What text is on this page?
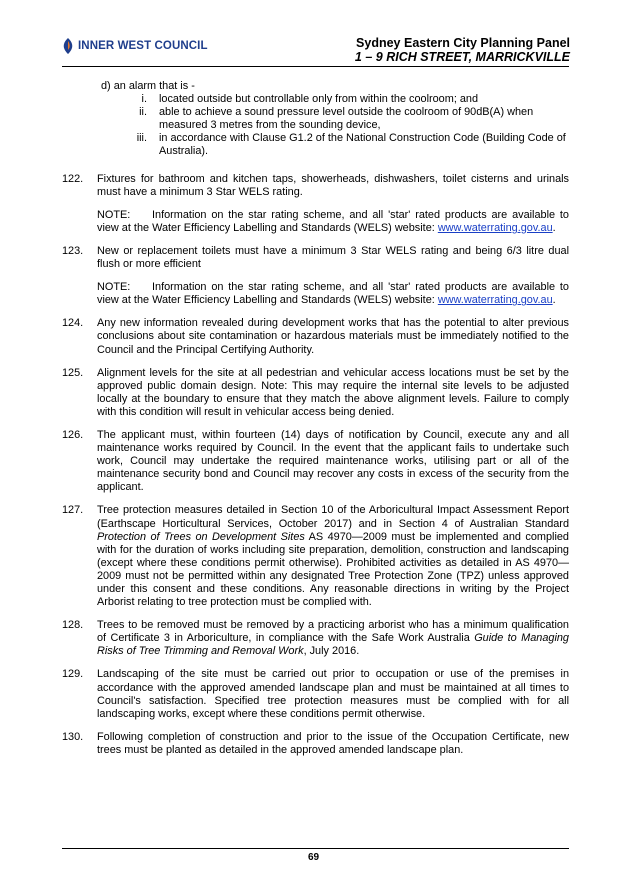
INNER WEST COUNCIL	Sydney Eastern City Planning Panel
1 – 9 RICH STREET, MARRICKVILLE
d) an alarm that is -
i. located outside but controllable only from within the coolroom; and
ii. able to achieve a sound pressure level outside the coolroom of 90dB(A) when measured 3 metres from the sounding device,
iii. in accordance with Clause G1.2 of the National Construction Code (Building Code of Australia).
122. Fixtures for bathroom and kitchen taps, showerheads, dishwashers, toilet cisterns and urinals must have a minimum 3 Star WELS rating.
NOTE: Information on the star rating scheme, and all 'star' rated products are available to view at the Water Efficiency Labelling and Standards (WELS) website: www.waterrating.gov.au.
123. New or replacement toilets must have a minimum 3 Star WELS rating and being 6/3 litre dual flush or more efficient
NOTE: Information on the star rating scheme, and all 'star' rated products are available to view at the Water Efficiency Labelling and Standards (WELS) website: www.waterrating.gov.au.
124. Any new information revealed during development works that has the potential to alter previous conclusions about site contamination or hazardous materials must be immediately notified to the Council and the Principal Certifying Authority.
125. Alignment levels for the site at all pedestrian and vehicular access locations must be set by the approved public domain design. Note: This may require the internal site levels to be adjusted locally at the boundary to ensure that they match the above alignment levels. Failure to comply with this condition will result in vehicular access being denied.
126. The applicant must, within fourteen (14) days of notification by Council, execute any and all maintenance works required by Council. In the event that the applicant fails to undertake such work, Council may undertake the required maintenance works, utilising part or all of the maintenance security bond and Council may recover any costs in excess of the security from the applicant.
127. Tree protection measures detailed in Section 10 of the Arboricultural Impact Assessment Report (Earthscape Horticultural Services, October 2017) and in Section 4 of Australian Standard Protection of Trees on Development Sites AS 4970—2009 must be implemented and complied with for the duration of works including site preparation, demolition, construction and landscaping (except where these conditions permit otherwise). Prohibited activities as detailed in AS 4970—2009 must not be permitted within any designated Tree Protection Zone (TPZ) unless approved under this consent and these conditions. Any reasonable directions in writing by the Project Arborist relating to tree protection must be complied with.
128. Trees to be removed must be removed by a practicing arborist who has a minimum qualification of Certificate 3 in Arboriculture, in compliance with the Safe Work Australia Guide to Managing Risks of Tree Trimming and Removal Work, July 2016.
129. Landscaping of the site must be carried out prior to occupation or use of the premises in accordance with the approved amended landscape plan and must be maintained at all times to Council's satisfaction. Specified tree protection measures must be complied with for all landscaping works, except where these conditions permit otherwise.
130. Following completion of construction and prior to the issue of the Occupation Certificate, new trees must be planted as detailed in the approved amended landscape plan.
69
